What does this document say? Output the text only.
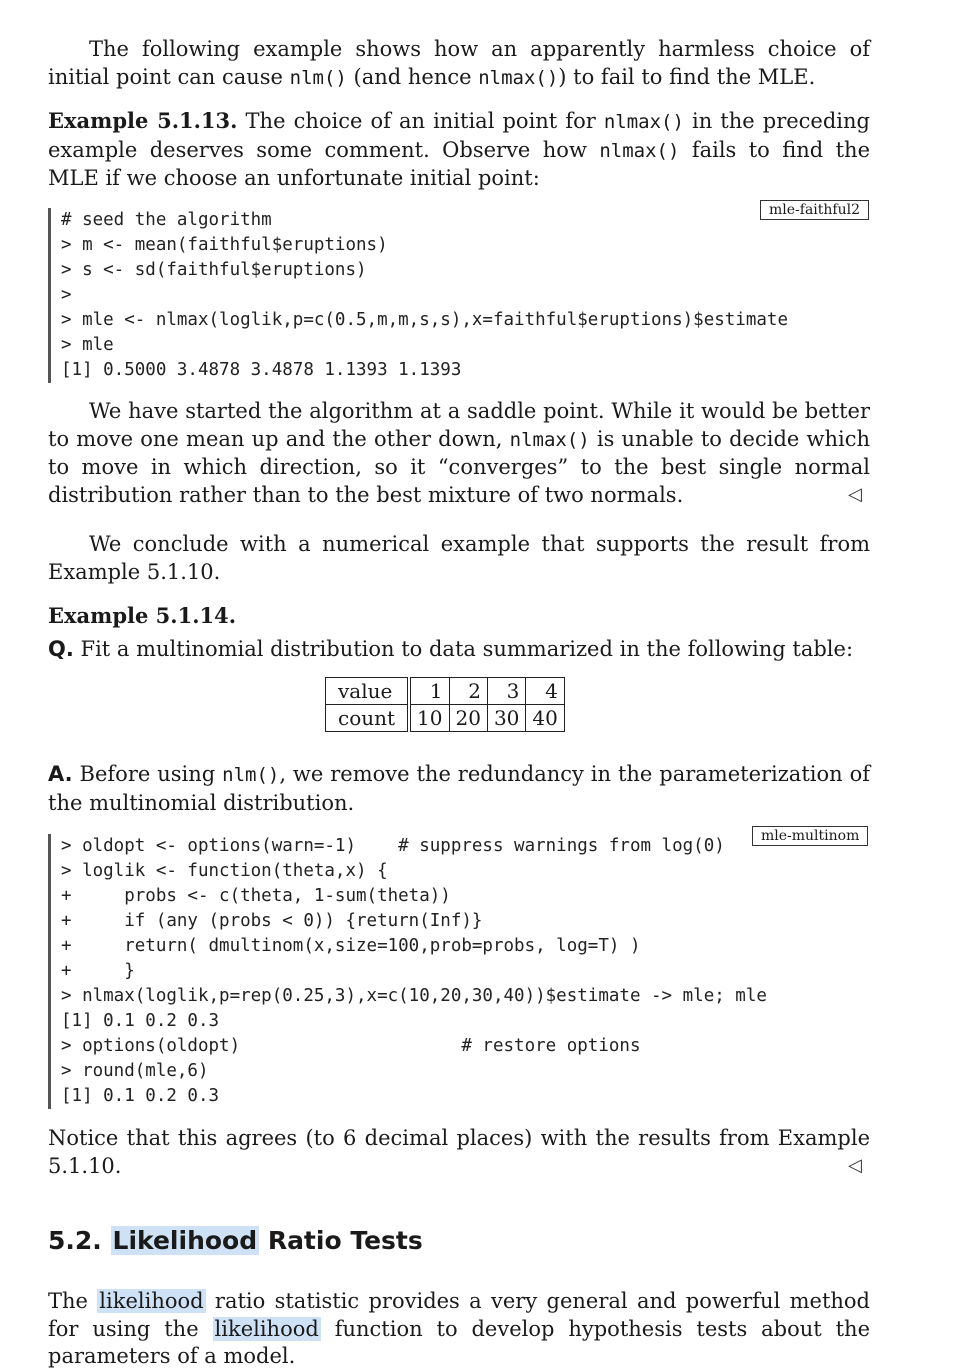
The following example shows how an apparently harmless choice of initial point can cause nlm() (and hence nlmax()) to fail to find the MLE.

Example 5.1.13. The choice of an initial point for nlmax() in the preceding example deserves some comment. Observe how nlmax() fails to find the MLE if we choose an unfortunate initial point:

mle-faithful2
# seed the algorithm
> m <- mean(faithful$eruptions)
> s <- sd(faithful$eruptions)
>
> mle <- nlmax(loglik,p=c(0.5,m,m,s,s),x=faithful$eruptions)$estimate
> mle
[1] 0.5000 3.4878 3.4878 1.1393 1.1393

We have started the algorithm at a saddle point. While it would be better to move one mean up and the other down, nlmax() is unable to decide which to move in which direction, so it “converges” to the best single normal distribution rather than to the best mixture of two normals.	◁

We conclude with a numerical example that supports the result from Example 5.1.10.

Example 5.1.14.

Q. Fit a multinomial distribution to data summarized in the following table:

value	1	2	3	4
count	10	20	30	40

A. Before using nlm(), we remove the redundancy in the parameterization of the multinomial distribution.

mle-multinom
> oldopt <- options(warn=-1)    # suppress warnings from log(0)
> loglik <- function(theta,x) {
+     probs <- c(theta, 1-sum(theta))
+     if (any (probs < 0)) {return(Inf)}
+     return( dmultinom(x,size=100,prob=probs, log=T) )
+     }
> nlmax(loglik,p=rep(0.25,3),x=c(10,20,30,40))$estimate -> mle; mle
[1] 0.1 0.2 0.3
> options(oldopt)                     # restore options
> round(mle,6)
[1] 0.1 0.2 0.3

Notice that this agrees (to 6 decimal places) with the results from Example 5.1.10.	◁
5.2. Likelihood Ratio Tests

The likelihood ratio statistic provides a very general and powerful method for using the likelihood function to develop hypothesis tests about the parameters of a model.
